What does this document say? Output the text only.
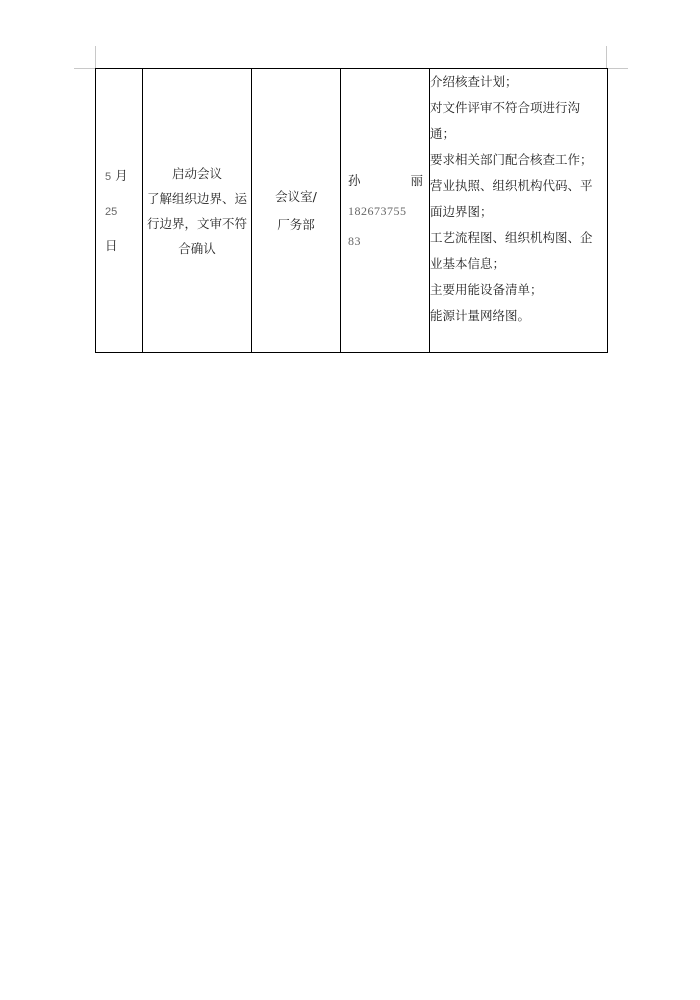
5 月
25
日

启动会议
了解组织边界、运
行边界，文审不符
合确认

会议室/
厂务部

孙	丽
182673755
83

介绍核查计划；
对文件评审不符合项进行沟
通；
要求相关部门配合核查工作；
营业执照、组织机构代码、平
面边界图；
工艺流程图、组织机构图、企
业基本信息；
主要用能设备清单；
能源计量网络图。
